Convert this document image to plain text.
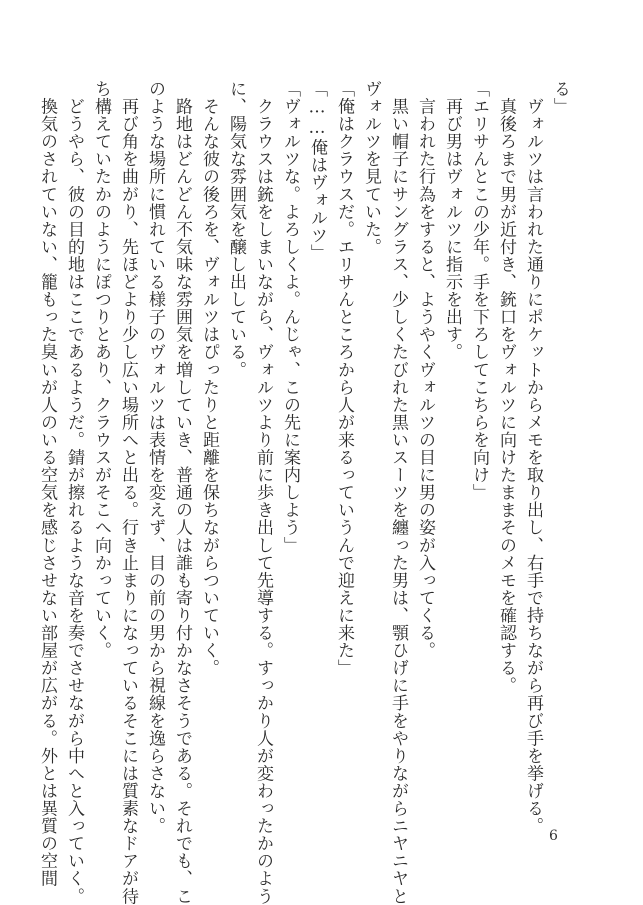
る」
　ヴォルツは言われた通りにポケットからメモを取り出し、右手で持ちながら再び手を挙げる。
　真後ろまで男が近付き、銃口をヴォルツに向けたままそのメモを確認する。
「エリサんとこの少年。手を下ろしてこちらを向け」
　再び男はヴォルツに指示を出す。
　言われた行為をすると、ようやくヴォルツの目に男の姿が入ってくる。
　黒い帽子にサングラス、少しくたびれた黒いスーツを纏った男は、顎ひげに手をやりながらニヤニヤと
ヴォルツを見ていた。
「俺はクラウスだ。エリサんところから人が来るっていうんで迎えに来た」
「……俺はヴォルツ」
「ヴォルツな。よろしくよ。んじゃ、この先に案内しよう」
　クラウスは銃をしまいながら、ヴォルツより前に歩き出して先導する。すっかり人が変わったかのよう
に、陽気な雰囲気を醸し出している。
　そんな彼の後ろを、ヴォルツはぴったりと距離を保ちながらついていく。
　路地はどんどん不気味な雰囲気を増していき、普通の人は誰も寄り付かなさそうである。それでも、こ
のような場所に慣れている様子のヴォルツは表情を変えず、目の前の男から視線を逸らさない。
　再び角を曲がり、先ほどより少し広い場所へと出る。行き止まりになっているそこには質素なドアが待
ち構えていたかのようにぽつりとあり、クラウスがそこへ向かっていく。
　どうやら、彼の目的地はここであるようだ。錆が擦れるような音を奏でさせながら中へと入っていく。
　換気のされていない、籠もった臭いが人のいる空気を感じさせない部屋が広がる。外とは異質の空間	6
